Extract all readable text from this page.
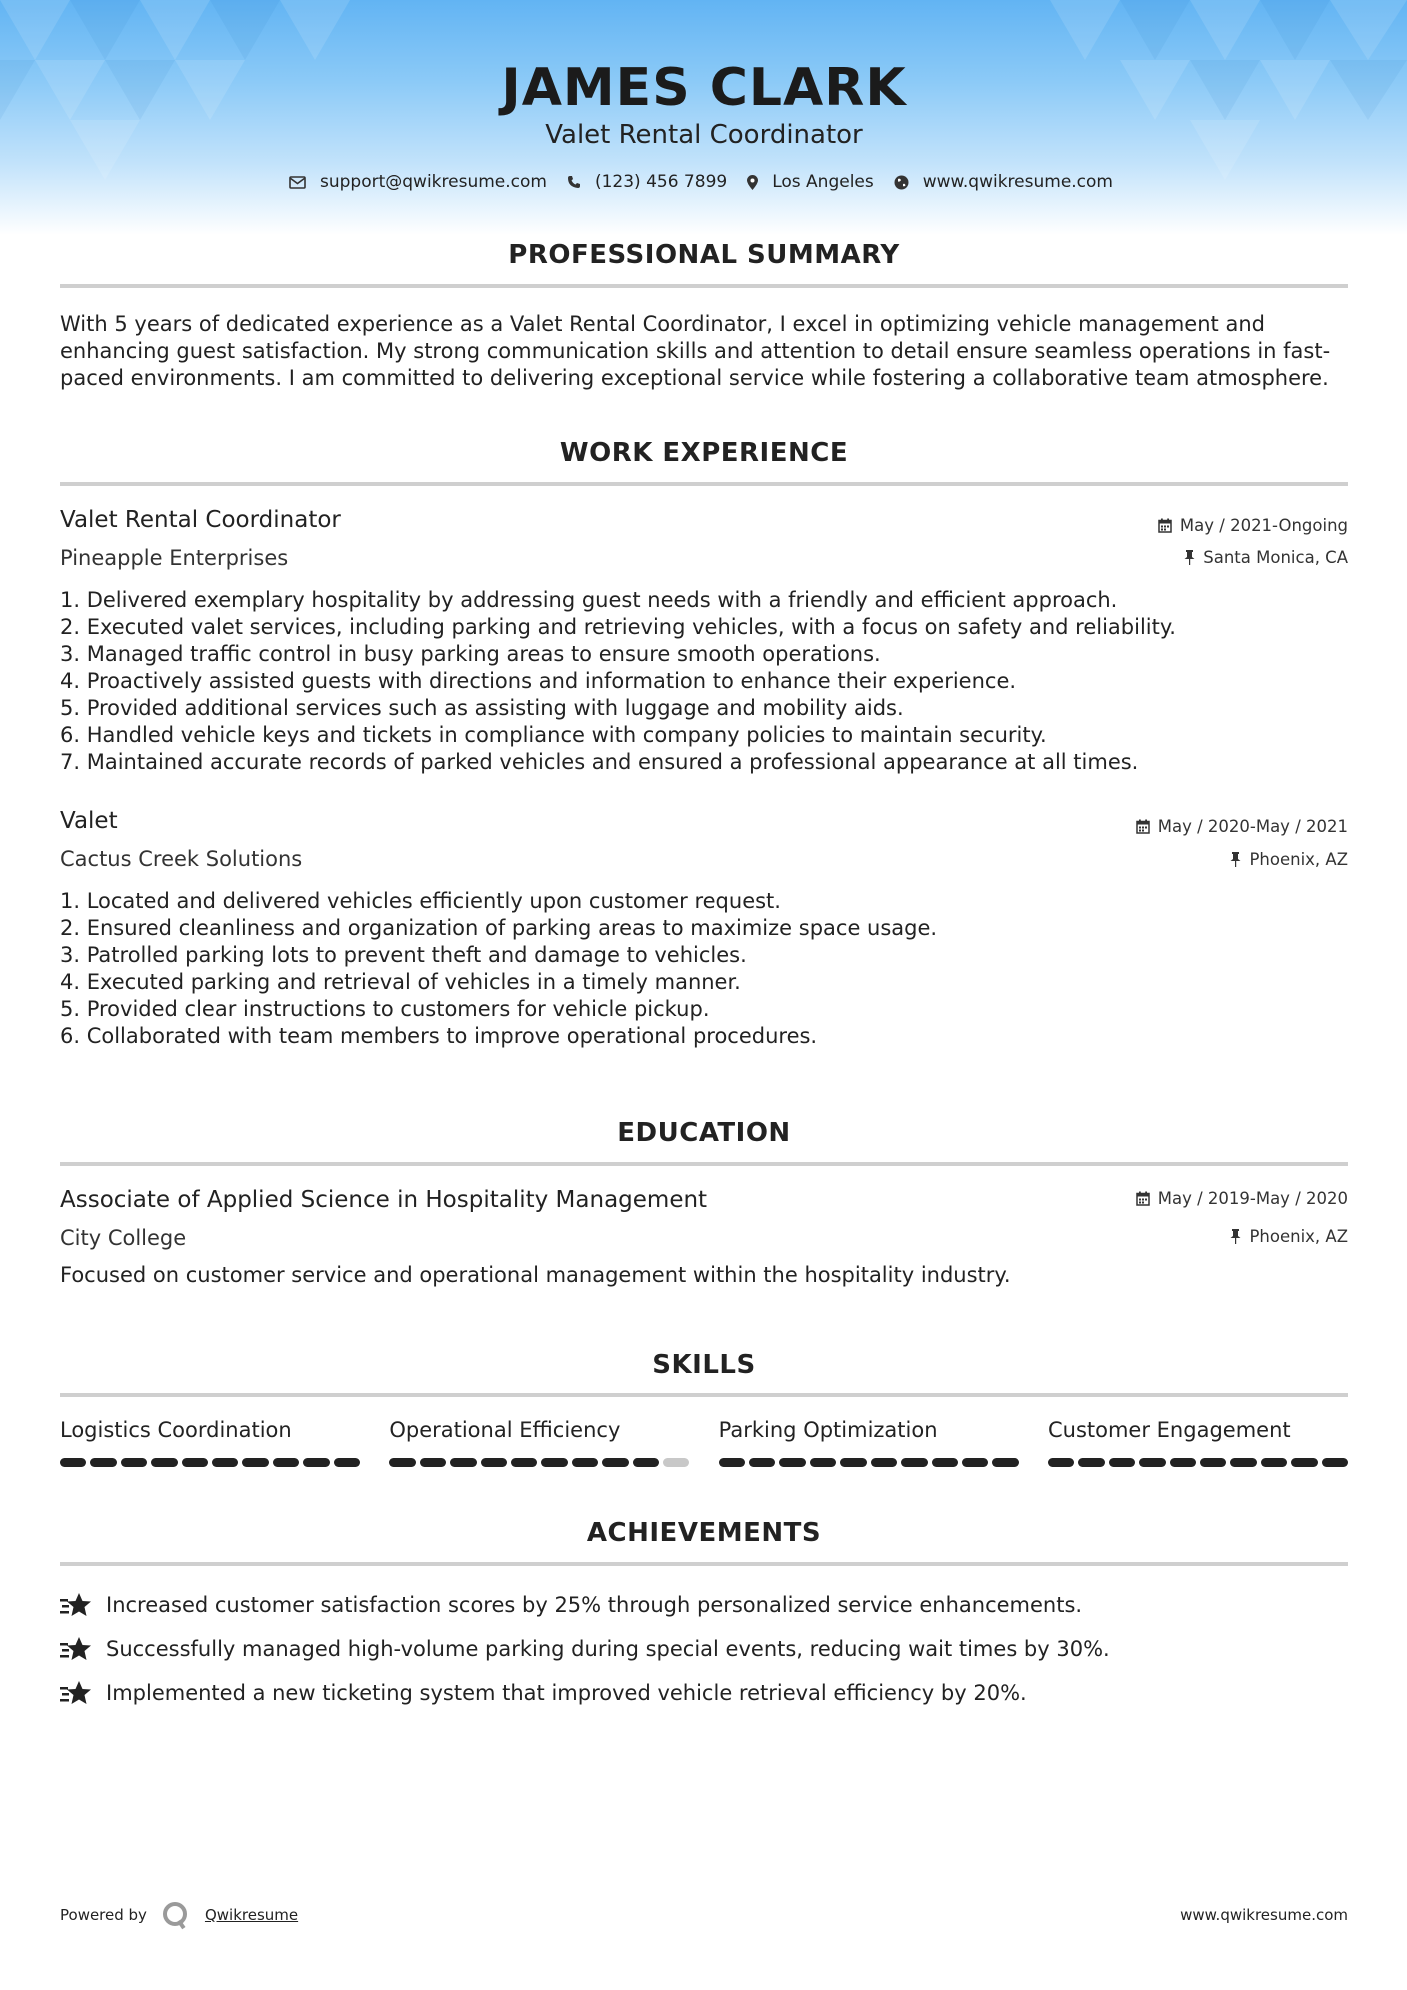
JAMES CLARK
Valet Rental Coordinator
support@qwikresume.com	(123) 456 7899	Los Angeles	www.qwikresume.com
PROFESSIONAL SUMMARY
With 5 years of dedicated experience as a Valet Rental Coordinator, I excel in optimizing vehicle management and
enhancing guest satisfaction. My strong communication skills and attention to detail ensure seamless operations in fast-
paced environments. I am committed to delivering exceptional service while fostering a collaborative team atmosphere.
WORK EXPERIENCE
Valet Rental Coordinator	May / 2021-Ongoing
Pineapple Enterprises	Santa Monica, CA
1. Delivered exemplary hospitality by addressing guest needs with a friendly and efficient approach.
2. Executed valet services, including parking and retrieving vehicles, with a focus on safety and reliability.
3. Managed traffic control in busy parking areas to ensure smooth operations.
4. Proactively assisted guests with directions and information to enhance their experience.
5. Provided additional services such as assisting with luggage and mobility aids.
6. Handled vehicle keys and tickets in compliance with company policies to maintain security.
7. Maintained accurate records of parked vehicles and ensured a professional appearance at all times.
Valet	May / 2020-May / 2021
Cactus Creek Solutions	Phoenix, AZ
1. Located and delivered vehicles efficiently upon customer request.
2. Ensured cleanliness and organization of parking areas to maximize space usage.
3. Patrolled parking lots to prevent theft and damage to vehicles.
4. Executed parking and retrieval of vehicles in a timely manner.
5. Provided clear instructions to customers for vehicle pickup.
6. Collaborated with team members to improve operational procedures.
EDUCATION
Associate of Applied Science in Hospitality Management	May / 2019-May / 2020
City College	Phoenix, AZ
Focused on customer service and operational management within the hospitality industry.
SKILLS
Logistics Coordination	Operational Efficiency	Parking Optimization	Customer Engagement
ACHIEVEMENTS
Increased customer satisfaction scores by 25% through personalized service enhancements.
Successfully managed high-volume parking during special events, reducing wait times by 30%.
Implemented a new ticketing system that improved vehicle retrieval efficiency by 20%.
Powered by	Qwikresume	www.qwikresume.com
